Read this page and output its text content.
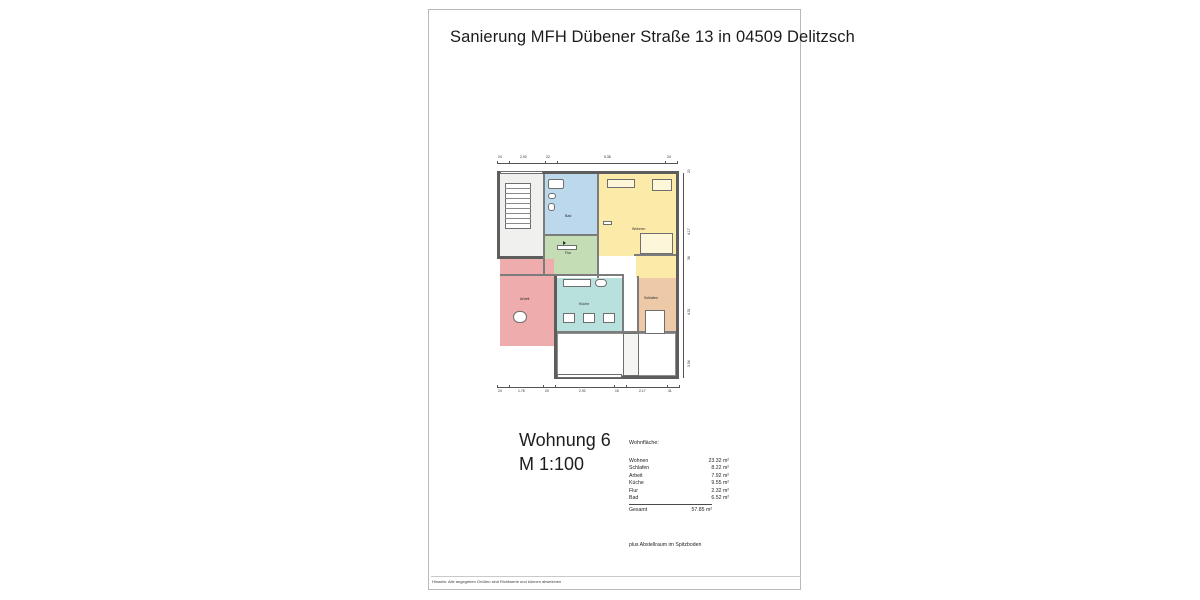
Sanierung MFH Dübener Straße 13 in 04509 Delitzsch
24	2.00	22	5.38	24
20
4.17
36
4.51
3.54
Wohnen
Bad
Flur
Küche
Arbeit	Schlafen
24	1.78	20	2.92	15	2.17	41
Wohnung 6
M 1:100
Wohnfläche:
Wohnen	23.32 m²
Schlafen	8.22 m²
Arbeit	7.92 m²
Küche	9.55 m²
Flur	2.32 m²
Bad	6.52 m²
Gesamt	57.85 m²
plus Abstellraum im Spitzboden
Hinweis: Alle angegeben Größen sind Richtwerte und können abweichen
